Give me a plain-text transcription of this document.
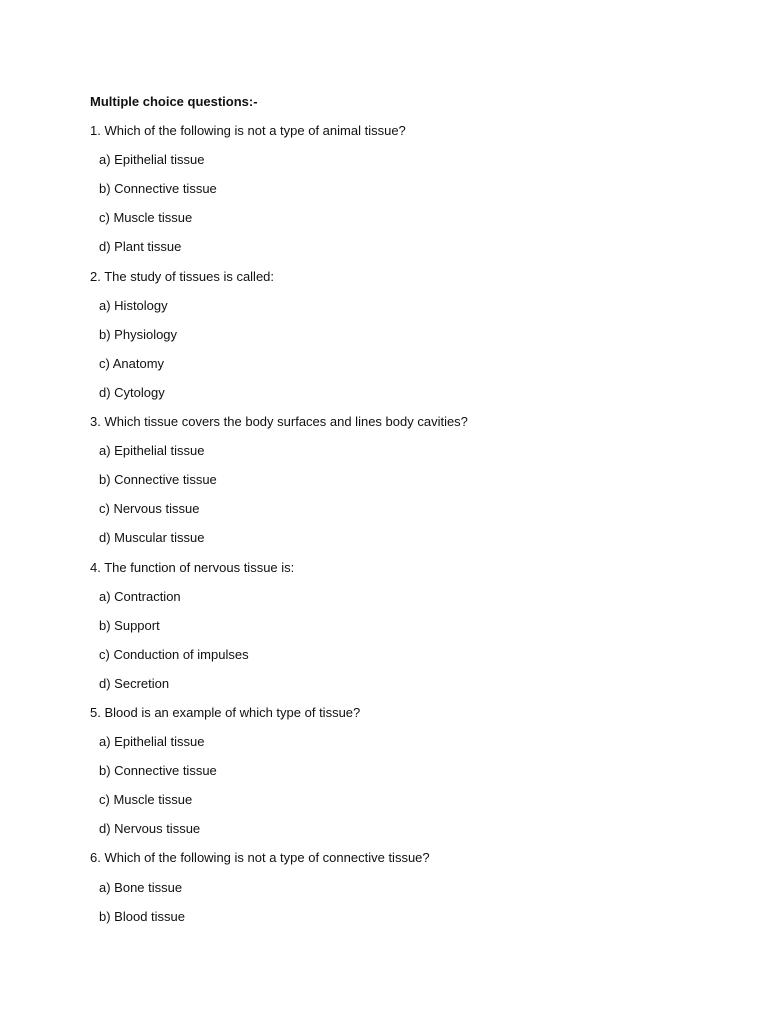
Multiple choice questions:-
1. Which of the following is not a type of animal tissue?
a) Epithelial tissue
b) Connective tissue
c) Muscle tissue
d) Plant tissue
2. The study of tissues is called:
a) Histology
b) Physiology
c) Anatomy
d) Cytology
3. Which tissue covers the body surfaces and lines body cavities?
a) Epithelial tissue
b) Connective tissue
c) Nervous tissue
d) Muscular tissue
4. The function of nervous tissue is:
a) Contraction
b) Support
c) Conduction of impulses
d) Secretion
5. Blood is an example of which type of tissue?
a) Epithelial tissue
b) Connective tissue
c) Muscle tissue
d) Nervous tissue
6. Which of the following is not a type of connective tissue?
a) Bone tissue
b) Blood tissue
